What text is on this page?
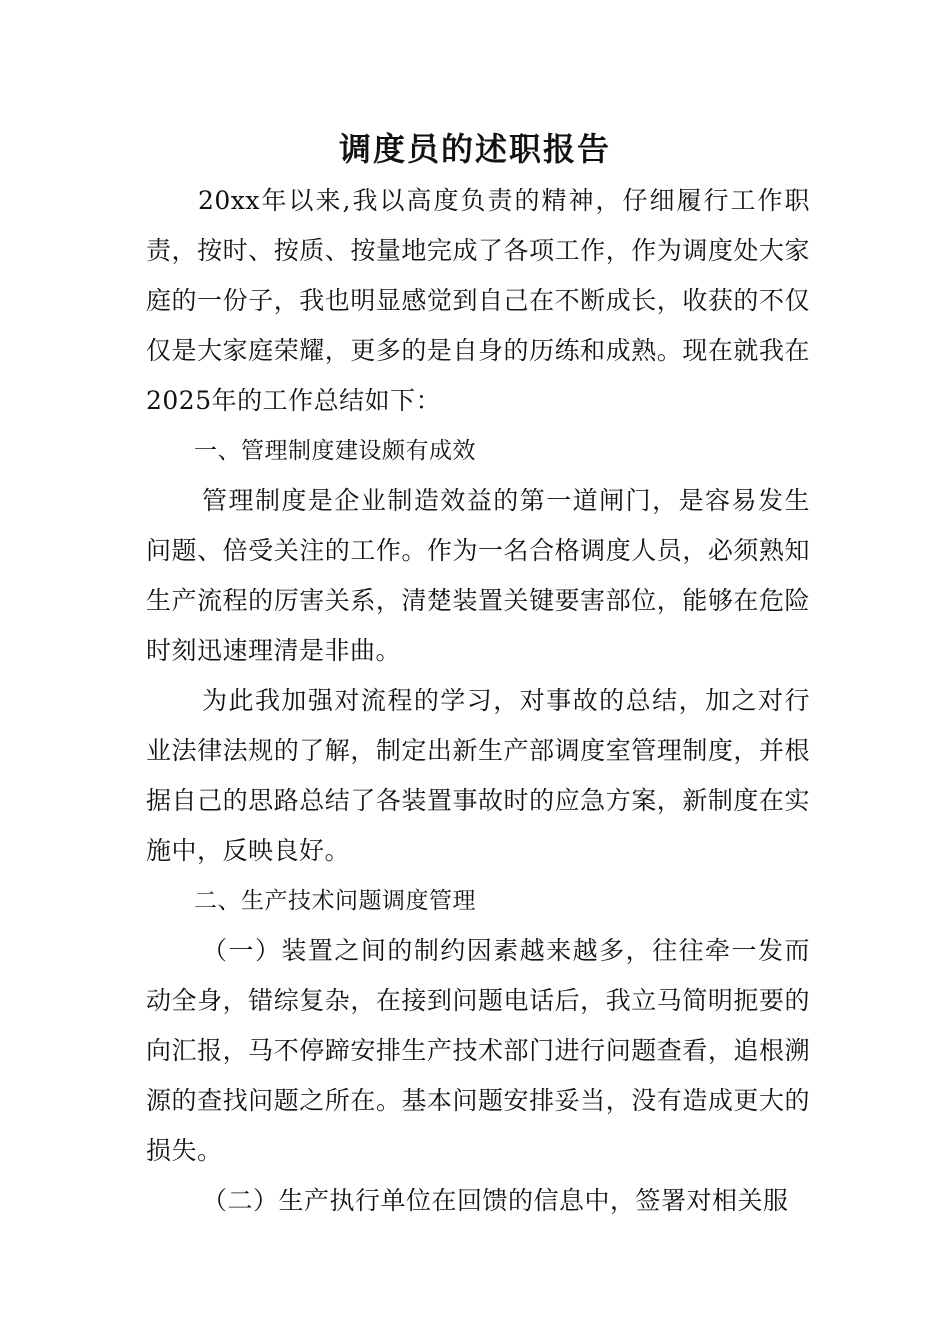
调度员的述职报告

20xx年以来,我以高度负责的精神，仔细履行工作职责，按时、按质、按量地完成了各项工作，作为调度处大家庭的一份子，我也明显感觉到自己在不断成长，收获的不仅仅是大家庭荣耀，更多的是自身的历练和成熟。现在就我在2025年的工作总结如下：

一、管理制度建设颇有成效

管理制度是企业制造效益的第一道闸门，是容易发生问题、倍受关注的工作。作为一名合格调度人员，必须熟知生产流程的厉害关系，清楚装置关键要害部位，能够在危险时刻迅速理清是非曲。

为此我加强对流程的学习，对事故的总结，加之对行业法律法规的了解，制定出新生产部调度室管理制度，并根据自己的思路总结了各装置事故时的应急方案，新制度在实施中，反映良好。

二、生产技术问题调度管理

（一）装置之间的制约因素越来越多，往往牵一发而动全身，错综复杂，在接到问题电话后，我立马简明扼要的向汇报，马不停蹄安排生产技术部门进行问题查看，追根溯源的查找问题之所在。基本问题安排妥当，没有造成更大的损失。

（二）生产执行单位在回馈的信息中，签署对相关服
